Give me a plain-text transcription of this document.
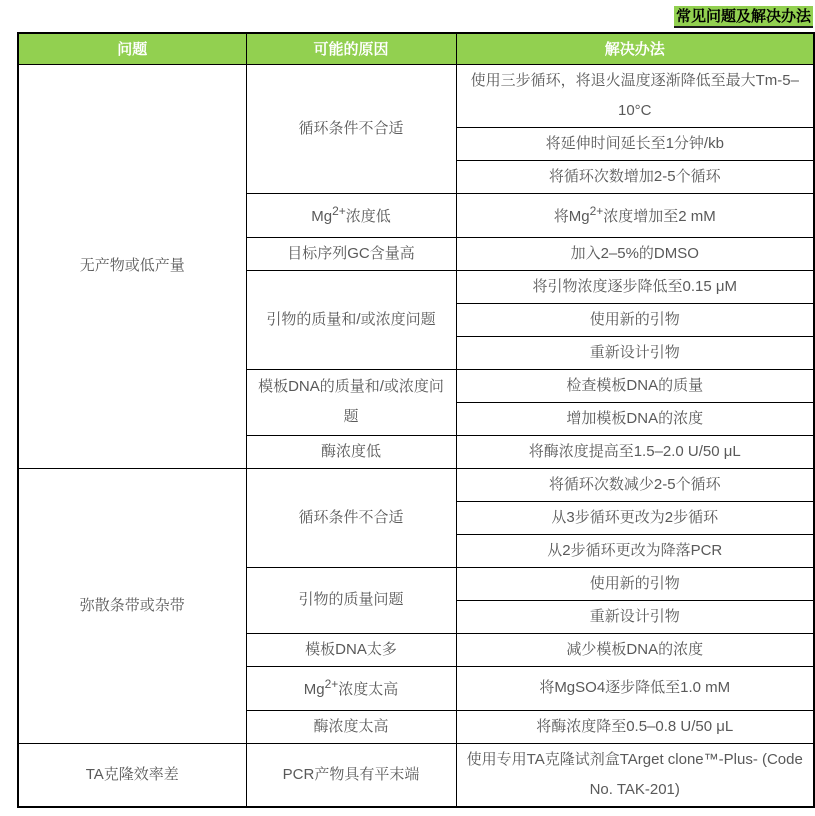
常见问题及解决办法
问题	可能的原因	解决办法
无产物或低产量	循环条件不合适	使用三步循环，将退火温度逐渐降低至最大Tm-5–10°C
		将延伸时间延长至1分钟/kb
		将循环次数增加2-5个循环
	$Mg^{2+}$浓度低	将$Mg^{2+}$浓度增加至2 mM
	目标序列GC含量高	加入2–5%的DMSO
	引物的质量和/或浓度问题	将引物浓度逐步降低至0.15 μM
		使用新的引物
		重新设计引物
	模板DNA的质量和/或浓度问题	检查模板DNA的质量
		增加模板DNA的浓度
	酶浓度低	将酶浓度提高至1.5–2.0 U/50 μL
弥散条带或杂带	循环条件不合适	将循环次数减少2-5个循环
		从3步循环更改为2步循环
		从2步循环更改为降落PCR
	引物的质量问题	使用新的引物
		重新设计引物
	模板DNA太多	减少模板DNA的浓度
	$Mg^{2+}$浓度太高	将MgSO4逐步降低至1.0 mM
	酶浓度太高	将酶浓度降至0.5–0.8 U/50 μL
TA克隆效率差	PCR产物具有平末端	使用专用TA克隆试剂盒TArget clone™-Plus- (Code No. TAK-201)
